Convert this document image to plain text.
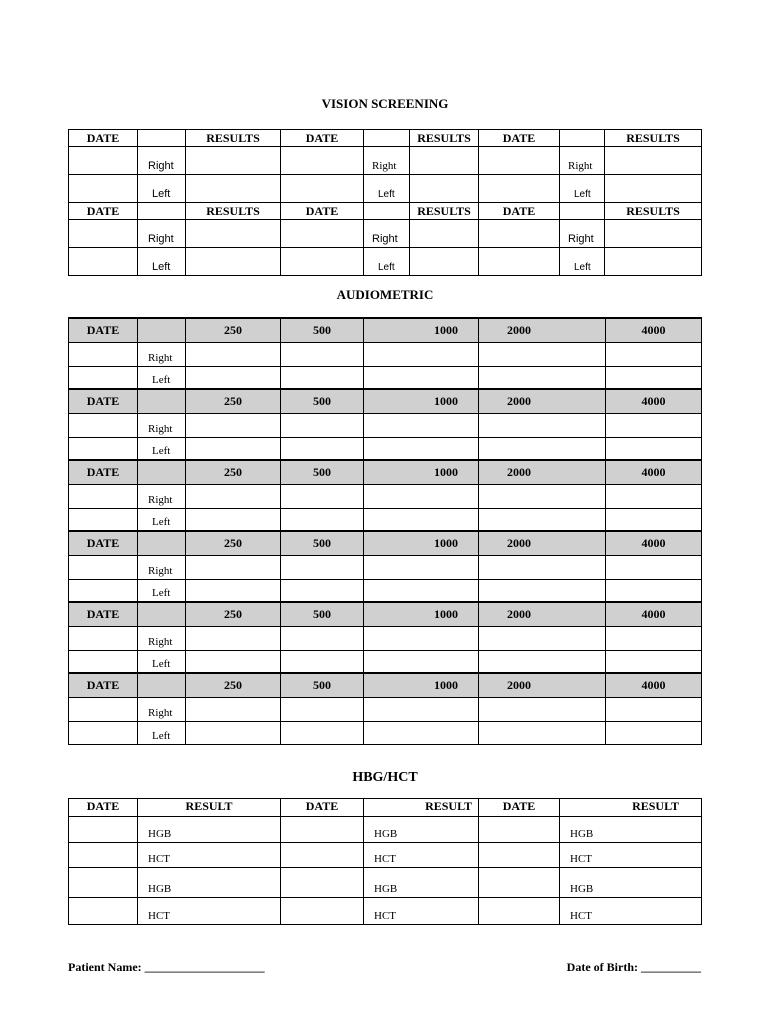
VISION SCREENING
DATE		RESULTS	DATE		RESULTS	DATE		RESULTS
	Right			Right			Right	
	Left			Left			Left	
DATE		RESULTS	DATE		RESULTS	DATE		RESULTS
	Right			Right			Right	
	Left			Left			Left	
AUDIOMETRIC
DATE		250	500	1000	2000	4000
	Right					
	Left					
DATE		250	500	1000	2000	4000
	Right					
	Left					
DATE		250	500	1000	2000	4000
	Right					
	Left					
DATE		250	500	1000	2000	4000
	Right					
	Left					
DATE		250	500	1000	2000	4000
	Right					
	Left					
DATE		250	500	1000	2000	4000
	Right					
	Left					
HBG/HCT
DATE	RESULT	DATE	RESULT	DATE	RESULT
	HGB		HGB		HGB
	HCT		HCT		HCT
	HGB		HGB		HGB
	HCT		HCT		HCT
Patient Name: ____________________	Date of Birth: __________
